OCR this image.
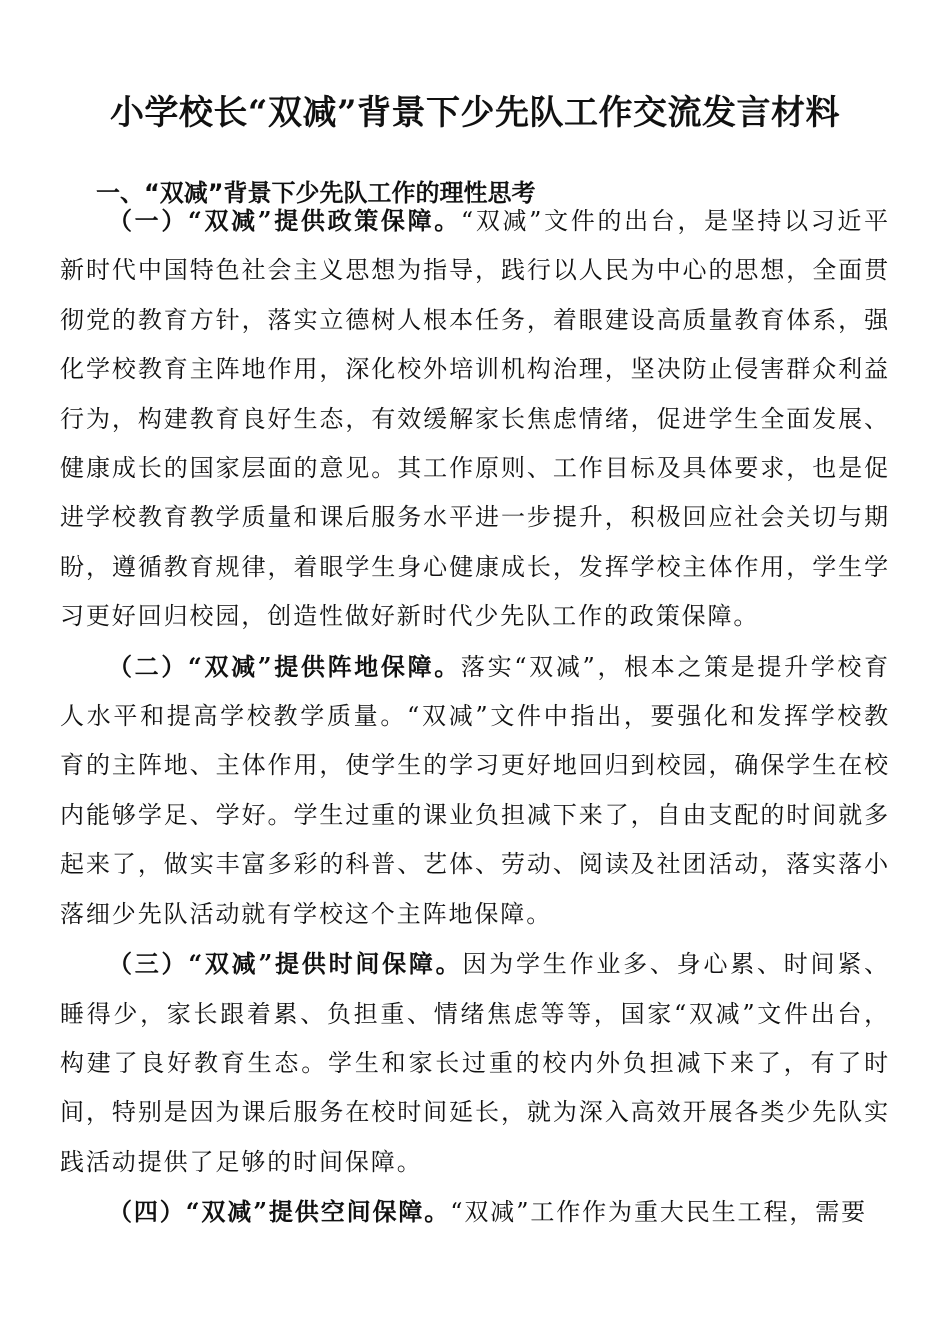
小学校长“双减”背景下少先队工作交流发言材料
一、“双减”背景下少先队工作的理性思考

（一）“双减”提供政策保障。“双减”文件的出台，是坚持以习近平新时代中国特色社会主义思想为指导，践行以人民为中心的思想，全面贯彻党的教育方针，落实立德树人根本任务，着眼建设高质量教育体系，强化学校教育主阵地作用，深化校外培训机构治理，坚决防止侵害群众利益行为，构建教育良好生态，有效缓解家长焦虑情绪，促进学生全面发展、健康成长的国家层面的意见。其工作原则、工作目标及具体要求，也是促进学校教育教学质量和课后服务水平进一步提升，积极回应社会关切与期盼，遵循教育规律，着眼学生身心健康成长，发挥学校主体作用，学生学习更好回归校园，创造性做好新时代少先队工作的政策保障。

（二）“双减”提供阵地保障。落实“双减”，根本之策是提升学校育人水平和提高学校教学质量。“双减”文件中指出，要强化和发挥学校教育的主阵地、主体作用，使学生的学习更好地回归到校园，确保学生在校内能够学足、学好。学生过重的课业负担减下来了，自由支配的时间就多起来了，做实丰富多彩的科普、艺体、劳动、阅读及社团活动，落实落小落细少先队活动就有学校这个主阵地保障。

（三）“双减”提供时间保障。因为学生作业多、身心累、时间紧、睡得少，家长跟着累、负担重、情绪焦虑等等，国家“双减”文件出台，构建了良好教育生态。学生和家长过重的校内外负担减下来了，有了时间，特别是因为课后服务在校时间延长，就为深入高效开展各类少先队实践活动提供了足够的时间保障。

（四）“双减”提供空间保障。“双减”工作作为重大民生工程，需要
